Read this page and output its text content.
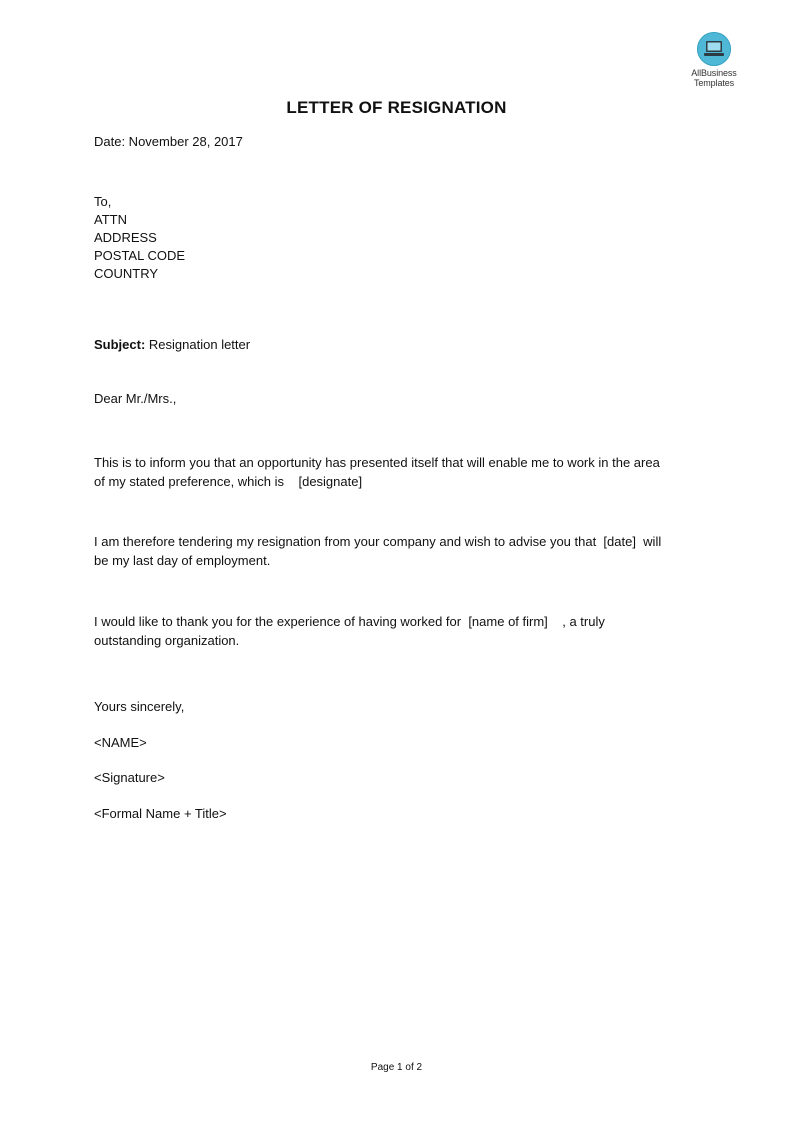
AllBusiness
Templates
LETTER OF RESIGNATION
Date: November 28, 2017
To,
ATTN
ADDRESS
POSTAL CODE
COUNTRY
Subject: Resignation letter
Dear Mr./Mrs.,
This is to inform you that an opportunity has presented itself that will enable me to work in the area
of my stated preference, which is    [designate]
I am therefore tendering my resignation from your company and wish to advise you that  [date]  will
be my last day of employment.
I would like to thank you for the experience of having worked for  [name of firm]    , a truly
outstanding organization.
Yours sincerely,
<NAME>
<Signature>
<Formal Name + Title>
Page 1 of 2
